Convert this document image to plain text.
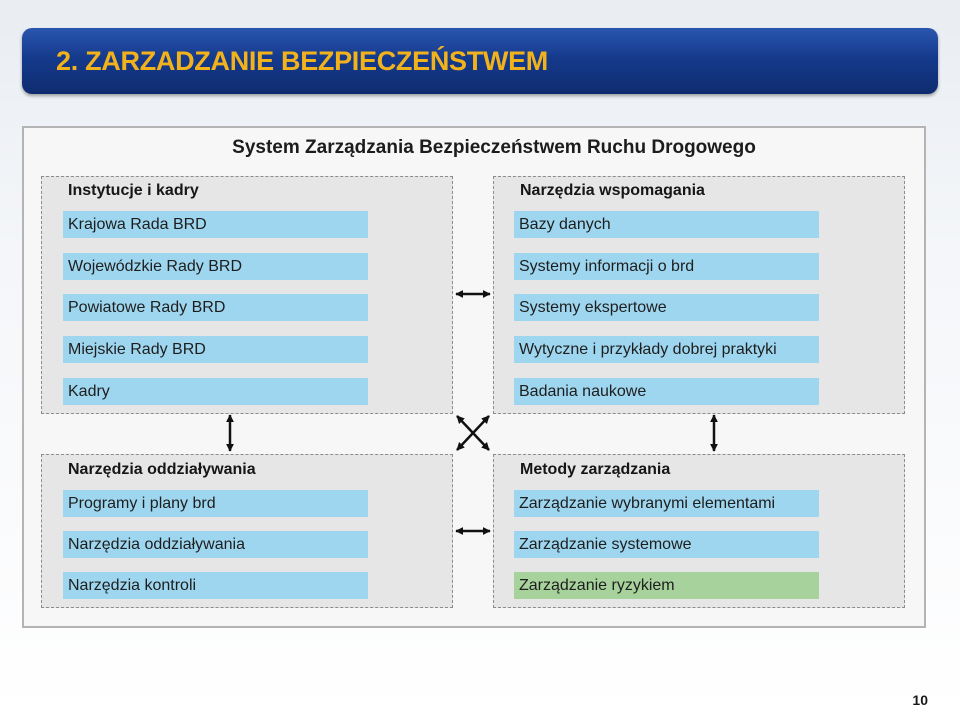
2. ZARZADZANIE BEZPIECZEŃSTWEM
System Zarządzania Bezpieczeństwem Ruchu Drogowego
Instytucje i kadry
Krajowa Rada BRD
Wojewódzkie Rady BRD
Powiatowe Rady BRD
Miejskie Rady BRD
Kadry
Narzędzia wspomagania
Bazy danych
Systemy informacji o brd
Systemy ekspertowe
Wytyczne i przykłady dobrej praktyki
Badania naukowe
Narzędzia oddziaływania
Programy i plany brd
Narzędzia oddziaływania
Narzędzia kontroli
Metody zarządzania
Zarządzanie wybranymi elementami
Zarządzanie systemowe
Zarządzanie ryzykiem
10
